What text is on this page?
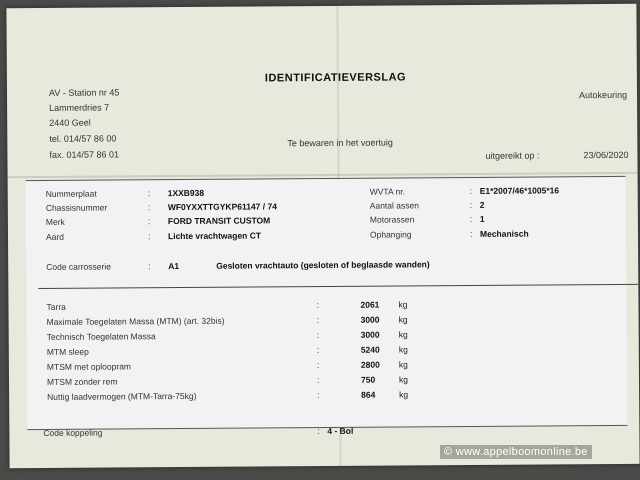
AV - Station nr 45
Lammerdries 7
2440 Geel
tel. 014/57 86 00
fax. 014/57 86 01
IDENTIFICATIEVERSLAG
Autokeuring
Te bewaren in het voertuig
uitgereikt op :	23/06/2020
Nummerplaat	: 1XXB938
Chassisnummer	: WF0YXXTTGYKP61147 / 74
Merk	: FORD TRANSIT CUSTOM
Aard	: Lichte vrachtwagen CT
WVTA nr.	: E1*2007/46*1005*16
Aantal assen	: 2
Motorassen	: 1
Ophanging	: Mechanisch
Code carrosserie	: A1	Gesloten vrachtauto (gesloten of beglaasde wanden)
Tarra	:	2061 kg
Maximale Toegelaten Massa (MTM) (art. 32bis)	:	3000 kg
Technisch Toegelaten Massa	:	3000 kg
MTM sleep	:	5240 kg
MTSM met oploopram	:	2800 kg
MTSM zonder rem	:	750	kg
Nuttig laadvermogen (MTM-Tarra-75kg)	:	864	kg
Code koppeling	: 4 - Bol
© www.appelboomonline.be
